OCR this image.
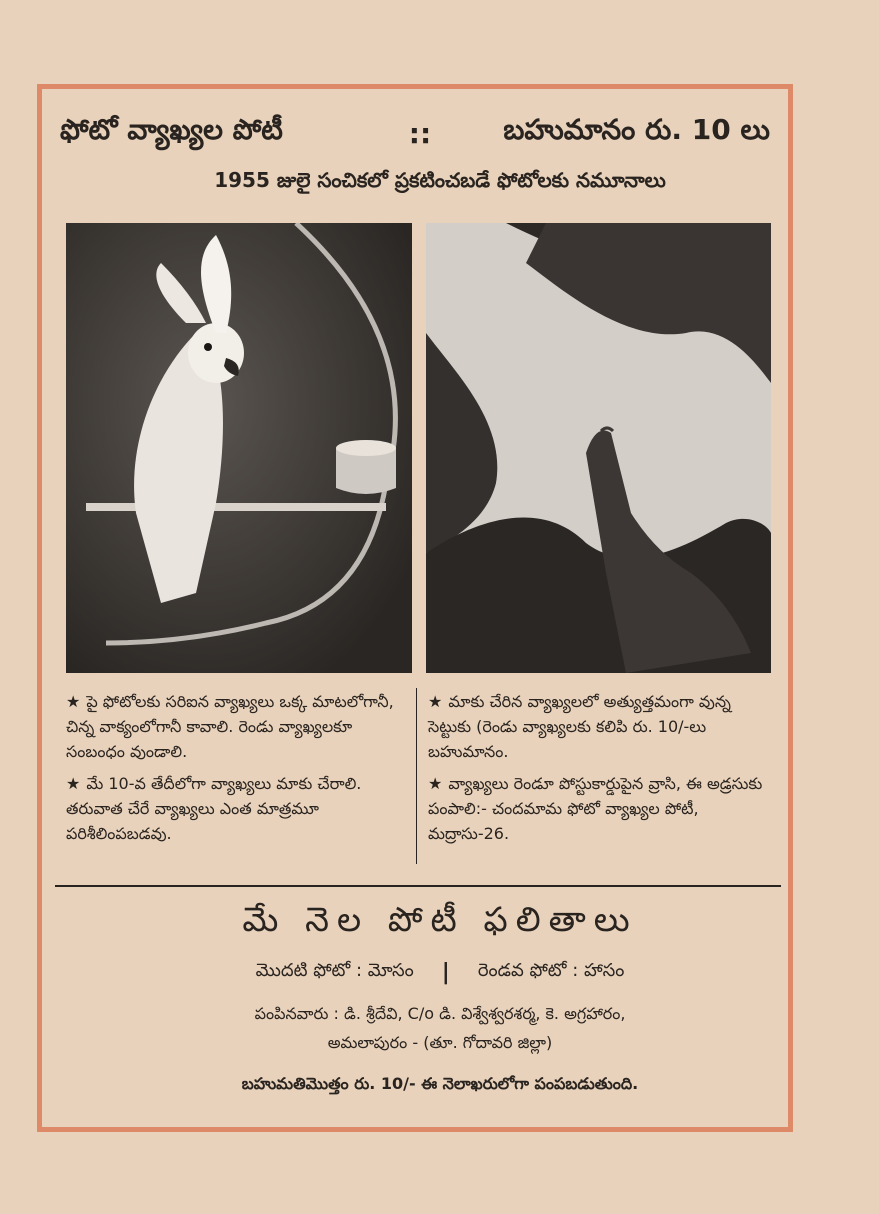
ఫోటో వ్యాఖ్యల పోటీ	::	బహుమానం రు. 10 లు
1955 జులై సంచికలో ప్రకటించబడే ఫోటోలకు నమూనాలు
★ పై ఫోటోలకు సరిఐన వ్యాఖ్యలు ఒక్క మాటలోగానీ, చిన్న వాక్యంలోగానీ కావాలి. రెండు వ్యాఖ్యలకూ సంబంధం వుండాలి.
★ మే 10-వ తేదీలోగా వ్యాఖ్యలు మాకు చేరాలి. తరువాత చేరే వ్యాఖ్యలు ఎంత మాత్రమూ పరిశీలింపబడవు.
★ మాకు చేరిన వ్యాఖ్యలలో అత్యుత్తమంగా వున్న సెట్టుకు (రెండు వ్యాఖ్యలకు కలిపి రు. 10/-లు బహుమానం.
★ వ్యాఖ్యలు రెండూ పోస్టుకార్డుపైన వ్రాసి, ఈ అడ్రసుకు పంపాలి:- చందమామ ఫోటో వ్యాఖ్యల పోటీ, మద్రాసు-26.
మే నెల పోటీ ఫలితాలు
మొదటి ఫోటో : మోసం | రెండవ ఫోటో : హాసం
పంపినవారు : డి. శ్రీదేవి, C/o డి. విశ్వేశ్వరశర్మ, కె. అగ్రహారం,
అమలాపురం - (తూ. గోదావరి జిల్లా)
బహుమతిమొత్తం రు. 10/- ఈ నెలాఖరులోగా పంపబడుతుంది.
